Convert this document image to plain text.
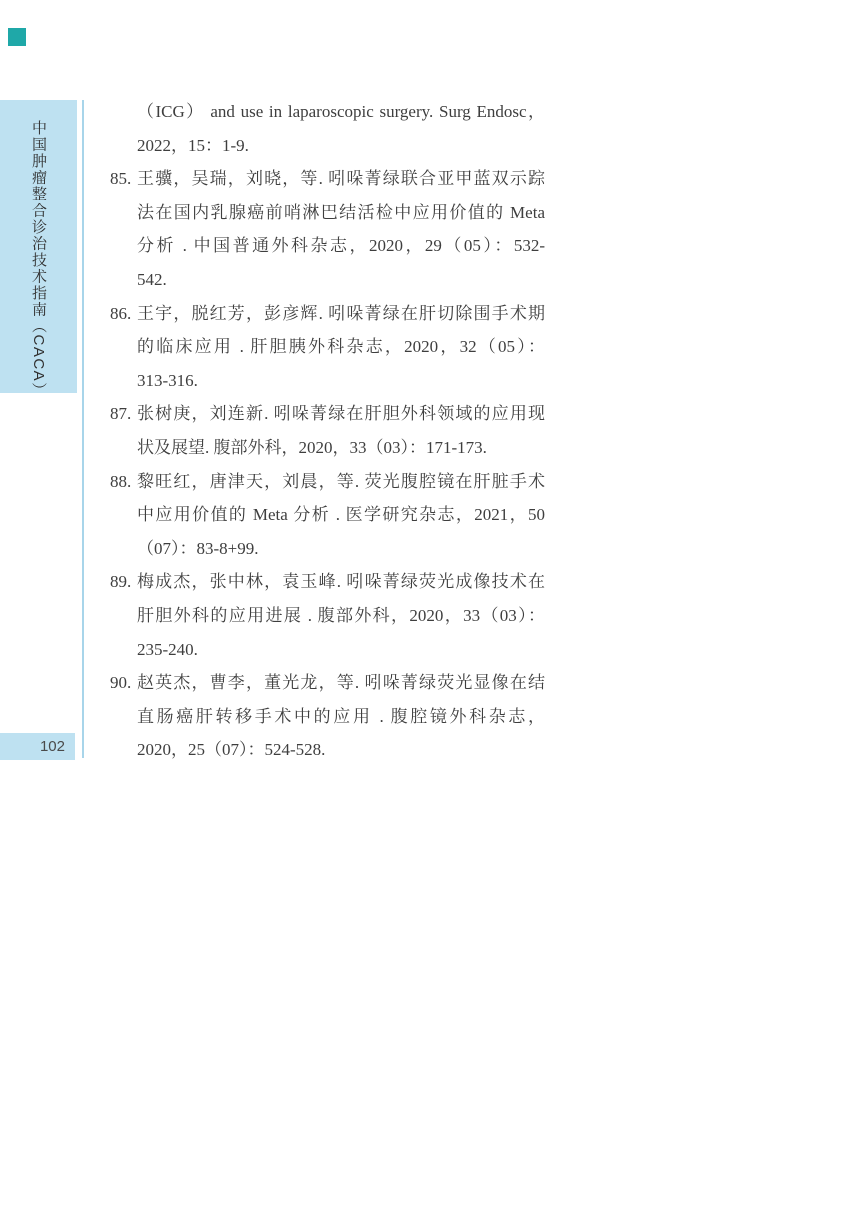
中国肿瘤整合诊治技术指南（CACA）
102
（ICG） and use in laparoscopic surgery. Surg Endosc，
2022，15：1-9.
85. 王骥，吴瑞，刘晓，等. 吲哚菁绿联合亚甲蓝双示踪
法在国内乳腺癌前哨淋巴结活检中应用价值的 Meta
分析 . 中国普通外科杂志，2020，29（05）：532-
542.
86. 王宇，脱红芳，彭彦辉. 吲哚菁绿在肝切除围手术期
的临床应用 . 肝胆胰外科杂志，2020，32（05）：
313-316.
87. 张树庚，刘连新. 吲哚菁绿在肝胆外科领域的应用现
状及展望. 腹部外科，2020，33（03）：171-173.
88. 黎旺红，唐津天，刘晨，等. 荧光腹腔镜在肝脏手术
中应用价值的 Meta 分析 . 医学研究杂志，2021，50
（07）：83-8+99.
89. 梅成杰，张中林，袁玉峰. 吲哚菁绿荧光成像技术在
肝胆外科的应用进展 . 腹部外科，2020，33（03）：
235-240.
90. 赵英杰，曹李，董光龙，等. 吲哚菁绿荧光显像在结
直肠癌肝转移手术中的应用 . 腹腔镜外科杂志，
2020，25（07）：524-528.
